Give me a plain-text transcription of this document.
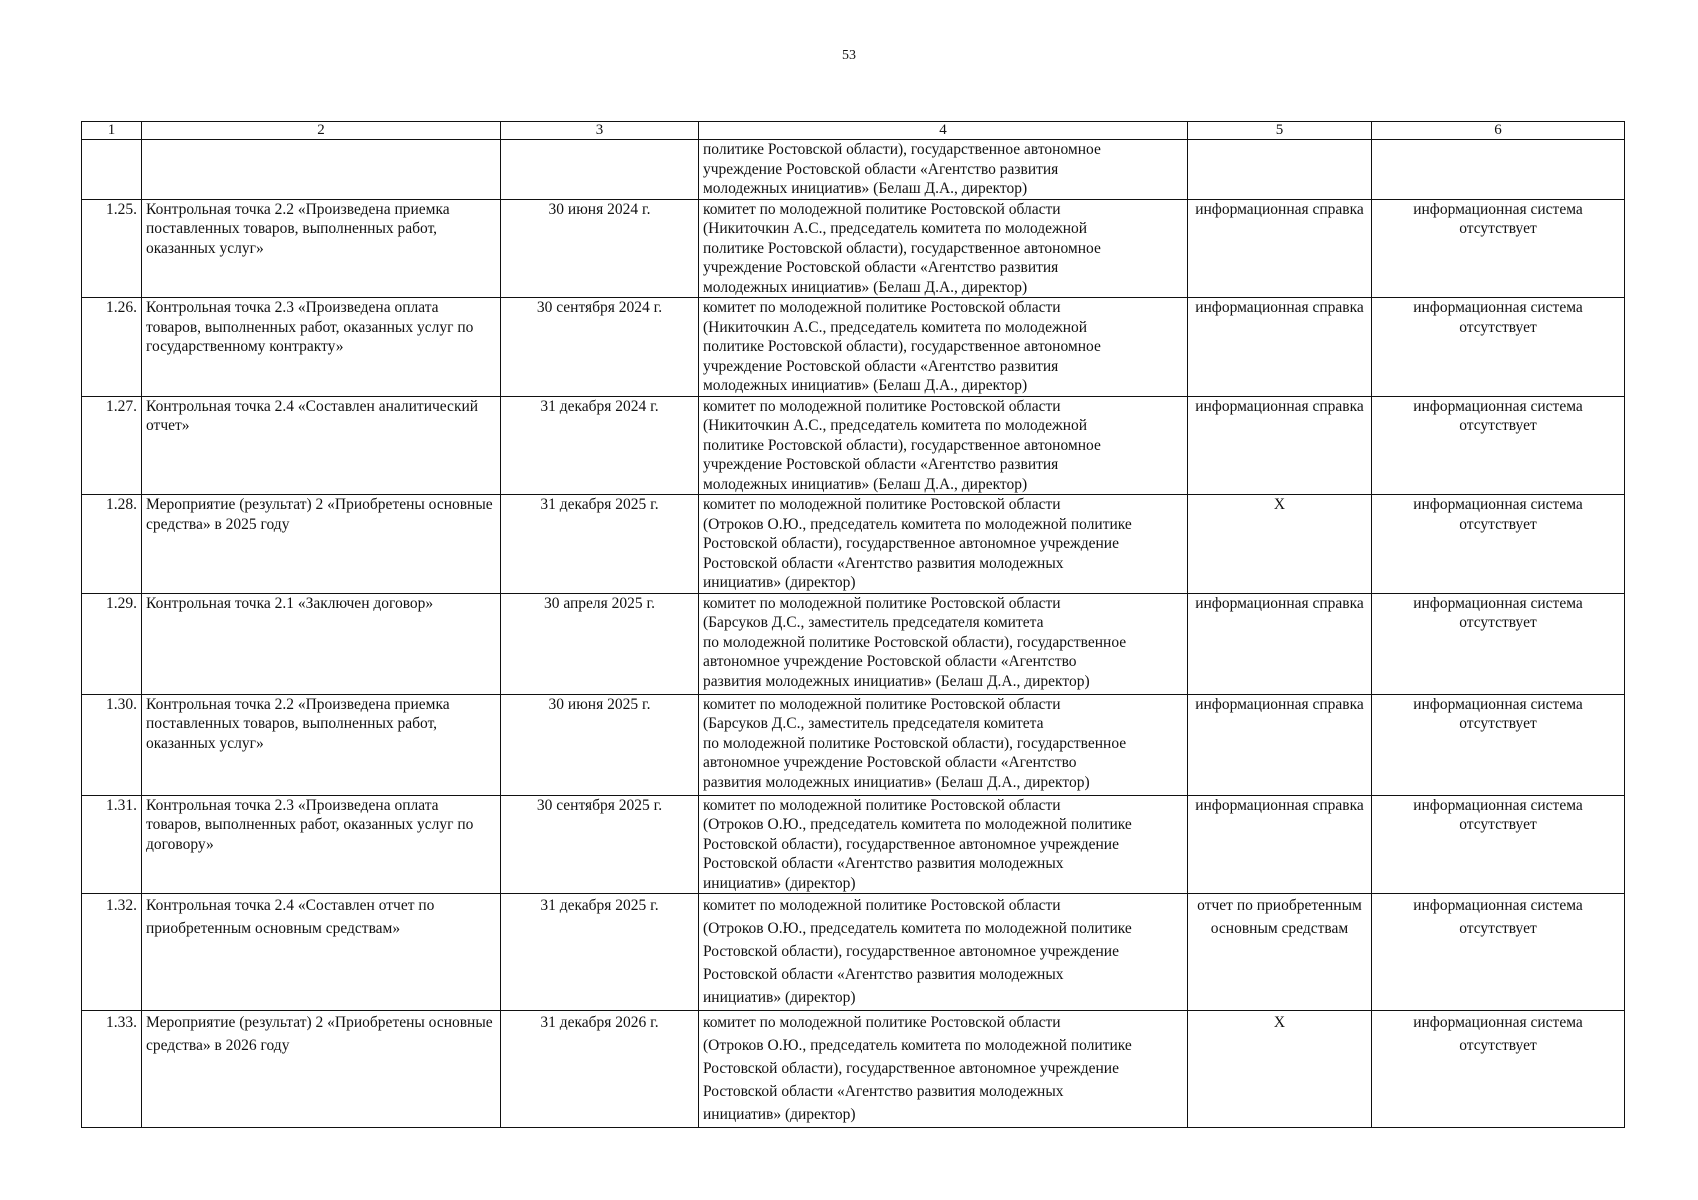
53
1	2	3	4	5	6
			политике Ростовской области), государственное автономное
учреждение Ростовской области «Агентство развития
молодежных инициатив» (Белаш Д.А., директор)		
1.25.	Контрольная точка 2.2 «Произведена приемка поставленных товаров, выполненных работ, оказанных услуг»	30 июня 2024 г.	комитет по молодежной политике Ростовской области
(Никиточкин А.С., председатель комитета по молодежной
политике Ростовской области), государственное автономное
учреждение Ростовской области «Агентство развития
молодежных инициатив» (Белаш Д.А., директор)	информационная справка	информационная система отсутствует
1.26.	Контрольная точка 2.3 «Произведена оплата товаров, выполненных работ, оказанных услуг по государственному контракту»	30 сентября 2024 г.	комитет по молодежной политике Ростовской области
(Никиточкин А.С., председатель комитета по молодежной
политике Ростовской области), государственное автономное
учреждение Ростовской области «Агентство развития
молодежных инициатив» (Белаш Д.А., директор)	информационная справка	информационная система отсутствует
1.27.	Контрольная точка 2.4 «Составлен аналитический отчет»	31 декабря 2024 г.	комитет по молодежной политике Ростовской области
(Никиточкин А.С., председатель комитета по молодежной
политике Ростовской области), государственное автономное
учреждение Ростовской области «Агентство развития
молодежных инициатив» (Белаш Д.А., директор)	информационная справка	информационная система отсутствует
1.28.	Мероприятие (результат) 2 «Приобретены основные средства» в 2025 году	31 декабря 2025 г.	комитет по молодежной политике Ростовской области
(Отроков О.Ю., председатель комитета по молодежной политике
Ростовской области), государственное автономное учреждение
Ростовской области «Агентство развития молодежных
инициатив» (директор)	X	информационная система отсутствует
1.29.	Контрольная точка 2.1 «Заключен договор»	30 апреля 2025 г.	комитет по молодежной политике Ростовской области
(Барсуков Д.С., заместитель председателя комитета
по молодежной политике Ростовской области), государственное
автономное учреждение Ростовской области «Агентство
развития молодежных инициатив» (Белаш Д.А., директор)	информационная справка	информационная система отсутствует
1.30.	Контрольная точка 2.2 «Произведена приемка поставленных товаров, выполненных работ, оказанных услуг»	30 июня 2025 г.	комитет по молодежной политике Ростовской области
(Барсуков Д.С., заместитель председателя комитета
по молодежной политике Ростовской области), государственное
автономное учреждение Ростовской области «Агентство
развития молодежных инициатив» (Белаш Д.А., директор)	информационная справка	информационная система отсутствует
1.31.	Контрольная точка 2.3 «Произведена оплата товаров, выполненных работ, оказанных услуг по договору»	30 сентября 2025 г.	комитет по молодежной политике Ростовской области
(Отроков О.Ю., председатель комитета по молодежной политике
Ростовской области), государственное автономное учреждение
Ростовской области «Агентство развития молодежных
инициатив» (директор)	информационная справка	информационная система отсутствует
1.32.	Контрольная точка 2.4 «Составлен отчет по приобретенным основным средствам»	31 декабря 2025 г.	комитет по молодежной политике Ростовской области
(Отроков О.Ю., председатель комитета по молодежной политике
Ростовской области), государственное автономное учреждение
Ростовской области «Агентство развития молодежных
инициатив» (директор)	отчет по приобретенным основным средствам	информационная система отсутствует
1.33.	Мероприятие (результат) 2 «Приобретены основные средства» в 2026 году	31 декабря 2026 г.	комитет по молодежной политике Ростовской области
(Отроков О.Ю., председатель комитета по молодежной политике
Ростовской области), государственное автономное учреждение
Ростовской области «Агентство развития молодежных
инициатив» (директор)	X	информационная система отсутствует
